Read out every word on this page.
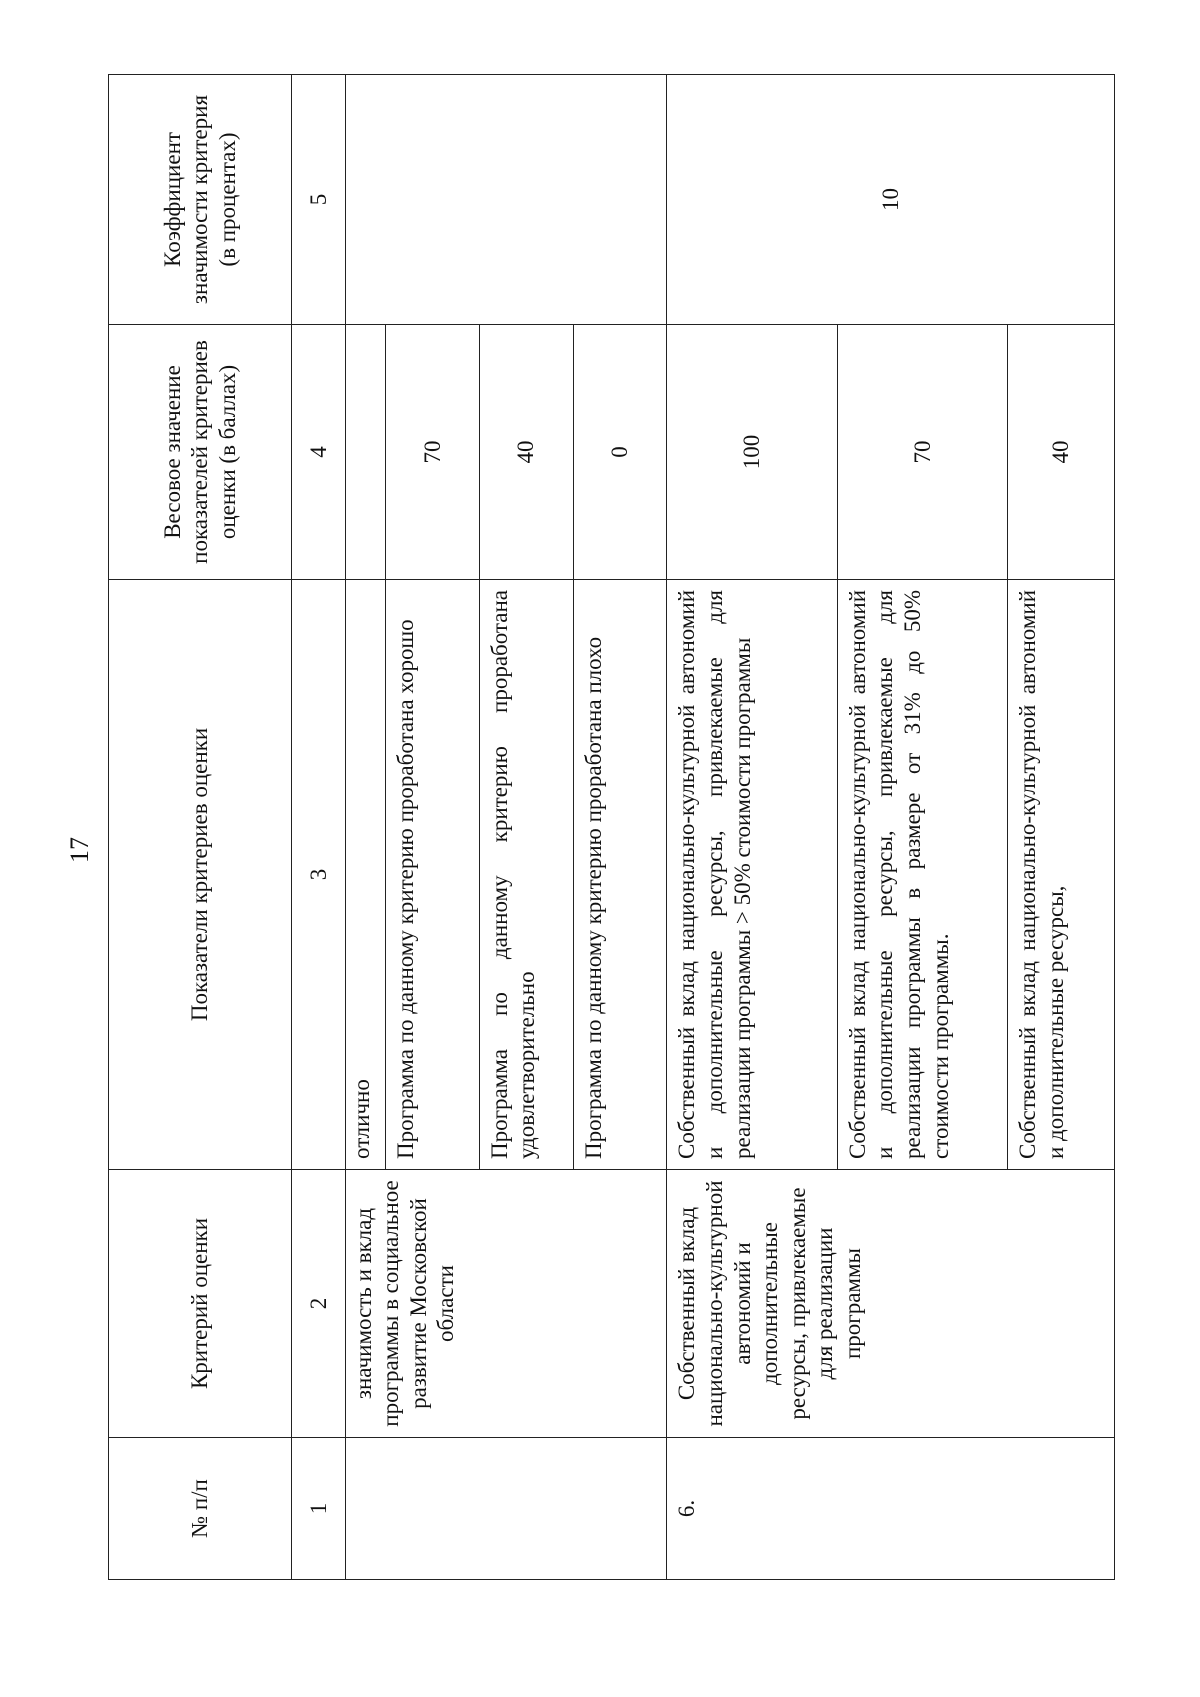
17
№ п/п	Критерий оценки	Показатели критериев оценки	Весовое значение показателей критериев оценки (в баллах)	Коэффициент значимости критерия (в процентах)
1	2	3	4	5
	значимость и вклад программы в социальное развитие Московской области	отлично		
		Программа по данному критерию проработана хорошо	70	
		Программа по данному критерию проработана удовлетворительно	40	
		Программа по данному критерию проработана плохо	0	
6.	Собственный вклад национально-культурной автономий и дополнительные ресурсы, привлекаемые для реализации программы	Собственный вклад национально-культурной автономий и дополнительные ресурсы, привлекаемые для реализации программы > 50% стоимости программы	100	10
		Собственный вклад национально-культурной автономий и дополнительные ресурсы, привлекаемые для реализации программы в размере от 31% до 50% стоимости программы.	70	
		Собственный вклад национально-культурной автономий и дополнительные ресурсы,	40	
